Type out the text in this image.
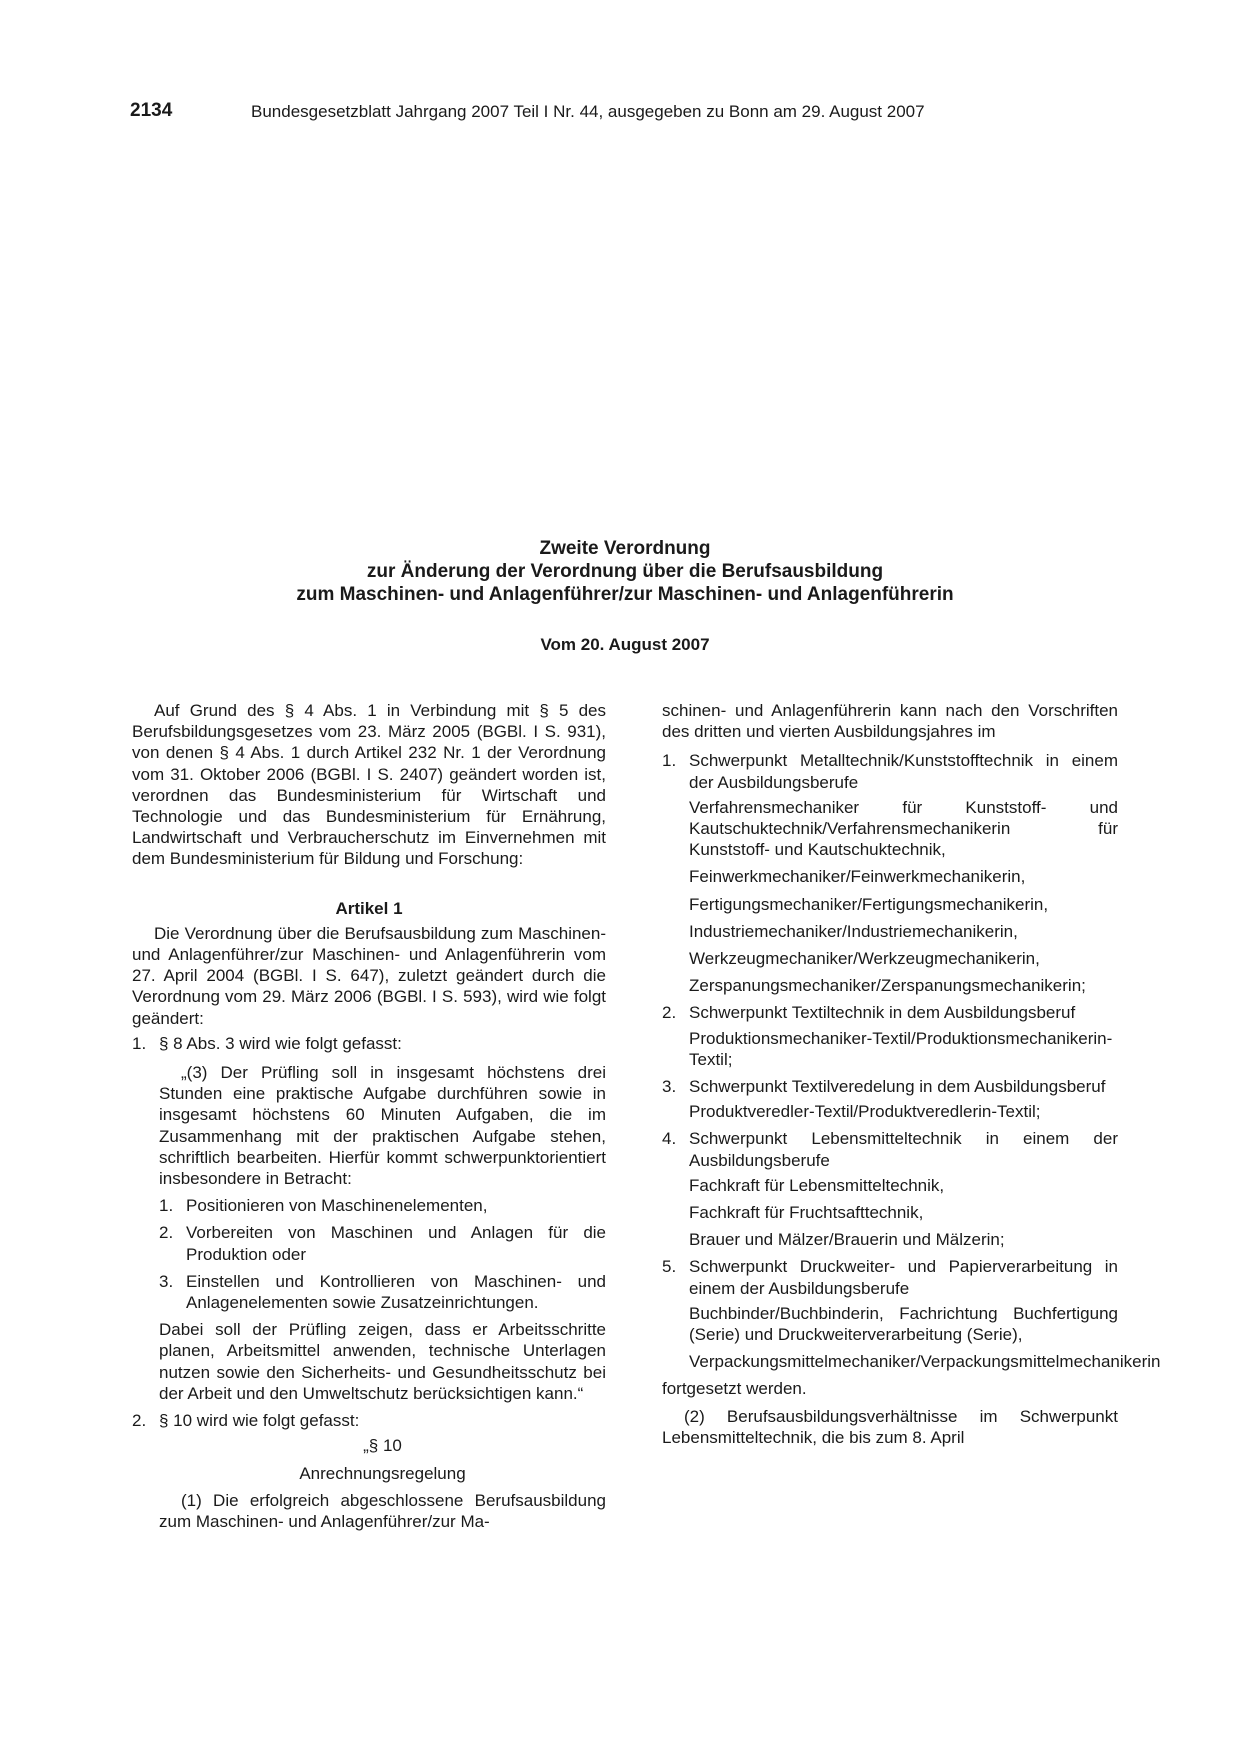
2134	Bundesgesetzblatt Jahrgang 2007 Teil I Nr. 44, ausgegeben zu Bonn am 29. August 2007
Zweite Verordnung
zur Änderung der Verordnung über die Berufsausbildung
zum Maschinen- und Anlagenführer/zur Maschinen- und Anlagenführerin
Vom 20. August 2007

Auf Grund des § 4 Abs. 1 in Verbindung mit § 5 des Berufsbildungsgesetzes vom 23. März 2005 (BGBl. I S. 931), von denen § 4 Abs. 1 durch Artikel 232 Nr. 1 der Verordnung vom 31. Oktober 2006 (BGBl. I S. 2407) geändert worden ist, verordnen das Bundesministerium für Wirtschaft und Technologie und das Bundesministerium für Ernährung, Landwirtschaft und Verbraucherschutz im Einvernehmen mit dem Bundesministerium für Bildung und Forschung:

Artikel 1

Die Verordnung über die Berufsausbildung zum Maschinen- und Anlagenführer/zur Maschinen- und Anlagenführerin vom 27. April 2004 (BGBl. I S. 647), zuletzt geändert durch die Verordnung vom 29. März 2006 (BGBl. I S. 593), wird wie folgt geändert:

1. § 8 Abs. 3 wird wie folgt gefasst:

„(3) Der Prüfling soll in insgesamt höchstens drei Stunden eine praktische Aufgabe durchführen sowie in insgesamt höchstens 60 Minuten Aufgaben, die im Zusammenhang mit der praktischen Aufgabe stehen, schriftlich bearbeiten. Hierfür kommt schwerpunktorientiert insbesondere in Betracht:

1. Positionieren von Maschinenelementen,
2. Vorbereiten von Maschinen und Anlagen für die Produktion oder
3. Einstellen und Kontrollieren von Maschinen- und Anlagenelementen sowie Zusatzeinrichtungen.

Dabei soll der Prüfling zeigen, dass er Arbeitsschritte planen, Arbeitsmittel anwenden, technische Unterlagen nutzen sowie den Sicherheits- und Gesundheitsschutz bei der Arbeit und den Umweltschutz berücksichtigen kann.“

2. § 10 wird wie folgt gefasst:

„§ 10

Anrechnungsregelung

(1) Die erfolgreich abgeschlossene Berufsausbildung zum Maschinen- und Anlagenführer/zur Ma-

schinen- und Anlagenführerin kann nach den Vorschriften des dritten und vierten Ausbildungsjahres im

1. Schwerpunkt Metalltechnik/Kunststofftechnik in einem der Ausbildungsberufe

Verfahrensmechaniker für Kunststoff- und Kautschuktechnik/Verfahrensmechanikerin für Kunststoff- und Kautschuktechnik,

Feinwerkmechaniker/Feinwerkmechanikerin,

Fertigungsmechaniker/Fertigungsmechanikerin,

Industriemechaniker/Industriemechanikerin,

Werkzeugmechaniker/Werkzeugmechanikerin,

Zerspanungsmechaniker/Zerspanungsmechanikerin;

2. Schwerpunkt Textiltechnik in dem Ausbildungsberuf

Produktionsmechaniker-Textil/Produktionsmechanikerin-Textil;

3. Schwerpunkt Textilveredelung in dem Ausbildungsberuf

Produktveredler-Textil/Produktveredlerin-Textil;

4. Schwerpunkt Lebensmitteltechnik in einem der Ausbildungsberufe

Fachkraft für Lebensmitteltechnik,

Fachkraft für Fruchtsafttechnik,

Brauer und Mälzer/Brauerin und Mälzerin;

5. Schwerpunkt Druckweiter- und Papierverarbeitung in einem der Ausbildungsberufe

Buchbinder/Buchbinderin, Fachrichtung Buchfertigung (Serie) und Druckweiterverarbeitung (Serie),

Verpackungsmittelmechaniker/Verpackungsmittelmechanikerin

fortgesetzt werden.

(2) Berufsausbildungsverhältnisse im Schwerpunkt Lebensmitteltechnik, die bis zum 8. April
